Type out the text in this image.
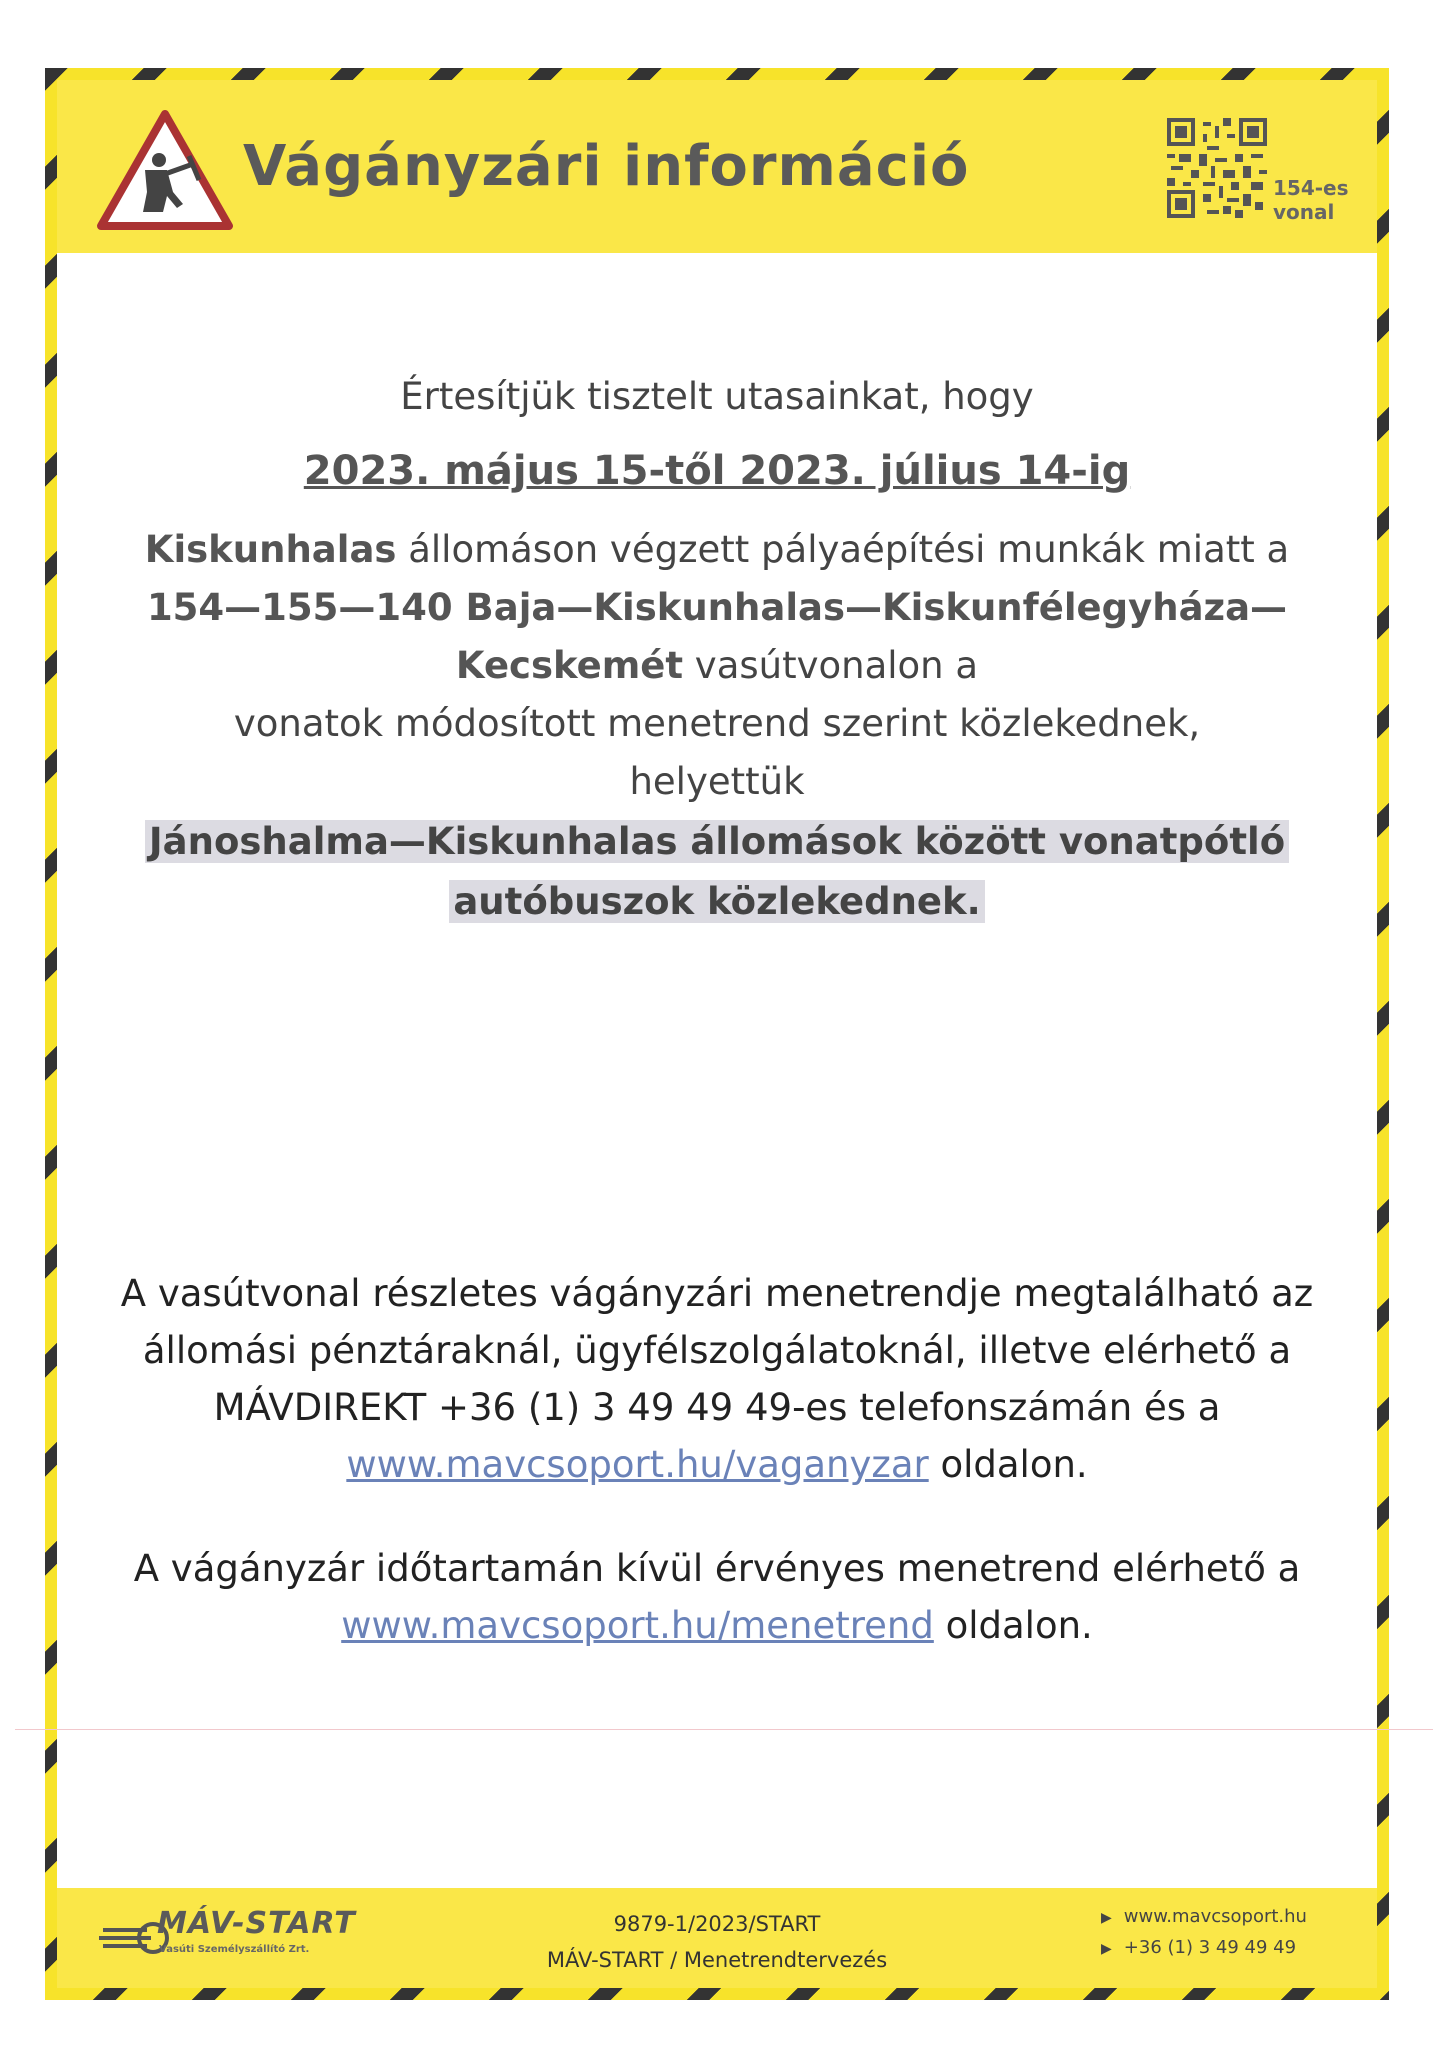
Vágányzári információ	154-es
vonal
Értesítjük tisztelt utasainkat, hogy
2023. május 15-től 2023. július 14-ig
Kiskunhalas állomáson végzett pályaépítési munkák miatt a
154—155—140 Baja—Kiskunhalas—Kiskunfélegyháza—
Kecskemét vasútvonalon a
vonatok módosított menetrend szerint közlekednek,
helyettük
Jánoshalma—Kiskunhalas állomások között vonatpótló
autóbuszok közlekednek.
A vasútvonal részletes vágányzári menetrendje megtalálható az
állomási pénztáraknál, ügyfélszolgálatoknál, illetve elérhető a
MÁVDIREKT +36 (1) 3 49 49 49-es telefonszámán és a
www.mavcsoport.hu/vaganyzar oldalon.
A vágányzár időtartamán kívül érvényes menetrend elérhető a
www.mavcsoport.hu/menetrend oldalon.
MÁV-START
Vasúti Személyszállító Zrt.
9879-1/2023/START
MÁV-START / Menetrendtervezés
▶ www.mavcsoport.hu
▶ +36 (1) 3 49 49 49
